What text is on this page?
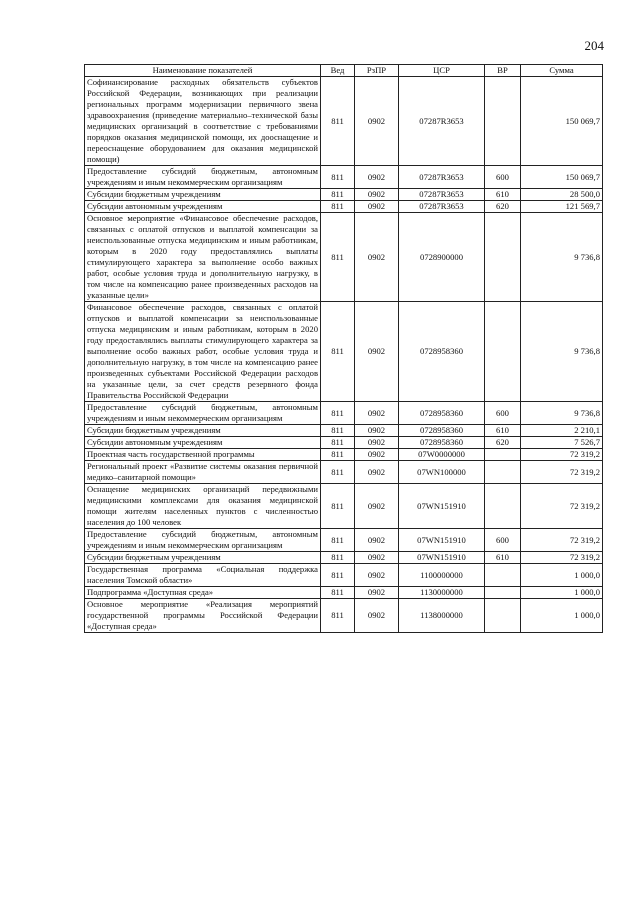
204
Наименование показателей	Вед	РзПР	ЦСР	ВР	Сумма
Софинансирование расходных обязательств субъектов Российской Федерации, возникающих при реализации региональных программ модернизации первичного звена здравоохранения (приведение материально–технической базы медицинских организаций в соответствие с требованиями порядков оказания медицинской помощи, их дооснащение и переоснащение оборудованием для оказания медицинской помощи)	811	0902	07287R3653		150 069,7
Предоставление субсидий бюджетным, автономным учреждениям и иным некоммерческим организациям	811	0902	07287R3653	600	150 069,7
Субсидии бюджетным учреждениям	811	0902	07287R3653	610	28 500,0
Субсидии автономным учреждениям	811	0902	07287R3653	620	121 569,7
Основное мероприятие «Финансовое обеспечение расходов, связанных с оплатой отпусков и выплатой компенсации за неиспользованные отпуска медицинским и иным работникам, которым в 2020 году предоставлялись выплаты стимулирующего характера за выполнение особо важных работ, особые условия труда и дополнительную нагрузку, в том числе на компенсацию ранее произведенных расходов на указанные цели»	811	0902	0728900000		9 736,8
Финансовое обеспечение расходов, связанных с оплатой отпусков и выплатой компенсации за неиспользованные отпуска медицинским и иным работникам, которым в 2020 году предоставлялись выплаты стимулирующего характера за выполнение особо важных работ, особые условия труда и дополнительную нагрузку, в том числе на компенсацию ранее произведенных субъектами Российской Федерации расходов на указанные цели, за счет средств резервного фонда Правительства Российской Федерации	811	0902	0728958360		9 736,8
Предоставление субсидий бюджетным, автономным учреждениям и иным некоммерческим организациям	811	0902	0728958360	600	9 736,8
Субсидии бюджетным учреждениям	811	0902	0728958360	610	2 210,1
Субсидии автономным учреждениям	811	0902	0728958360	620	7 526,7
Проектная часть государственной программы	811	0902	07W0000000		72 319,2
Региональный проект «Развитие системы оказания первичной медико–санитарной помощи»	811	0902	07WN100000		72 319,2
Оснащение медицинских организаций передвижными медицинскими комплексами для оказания медицинской помощи жителям населенных пунктов с численностью населения до 100 человек	811	0902	07WN151910		72 319,2
Предоставление субсидий бюджетным, автономным учреждениям и иным некоммерческим организациям	811	0902	07WN151910	600	72 319,2
Субсидии бюджетным учреждениям	811	0902	07WN151910	610	72 319,2
Государственная программа «Социальная поддержка населения Томской области»	811	0902	1100000000		1 000,0
Подпрограмма «Доступная среда»	811	0902	1130000000		1 000,0
Основное мероприятие «Реализация мероприятий государственной программы Российской Федерации «Доступная среда»	811	0902	1138000000		1 000,0
